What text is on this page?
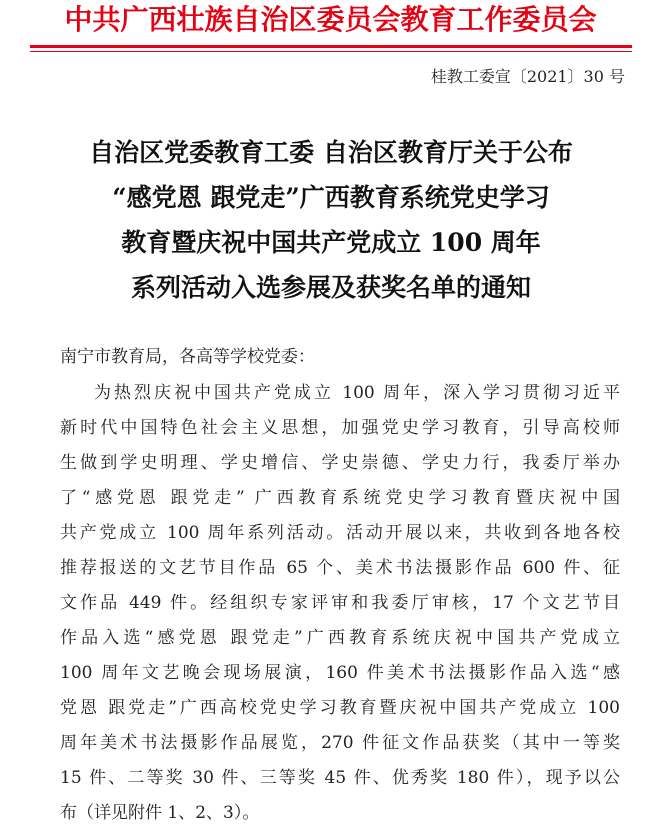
中共广西壮族自治区委员会教育工作委员会
桂教工委宣〔2021〕30 号
自治区党委教育工委 自治区教育厅关于公布
“感党恩 跟党走”广西教育系统党史学习
教育暨庆祝中国共产党成立 100 周年
系列活动入选参展及获奖名单的通知
南宁市教育局，各高等学校党委：
为热烈庆祝中国共产党成立 100 周年，深入学习贯彻习近平
新时代中国特色社会主义思想，加强党史学习教育，引导高校师
生做到学史明理、学史增信、学史崇德、学史力行，我委厅举办
了“感党恩 跟党走” 广西教育系统党史学习教育暨庆祝中国
共产党成立 100 周年系列活动。活动开展以来，共收到各地各校
推荐报送的文艺节目作品 65 个、美术书法摄影作品 600 件、征
文作品 449 件。经组织专家评审和我委厅审核，17 个文艺节目
作品入选“感党恩 跟党走”广西教育系统庆祝中国共产党成立
100 周年文艺晚会现场展演，160 件美术书法摄影作品入选“感
党恩 跟党走”广西高校党史学习教育暨庆祝中国共产党成立 100
周年美术书法摄影作品展览，270 件征文作品获奖（其中一等奖
15 件、二等奖 30 件、三等奖 45 件、优秀奖 180 件），现予以公
布（详见附件 1、2、3）。
